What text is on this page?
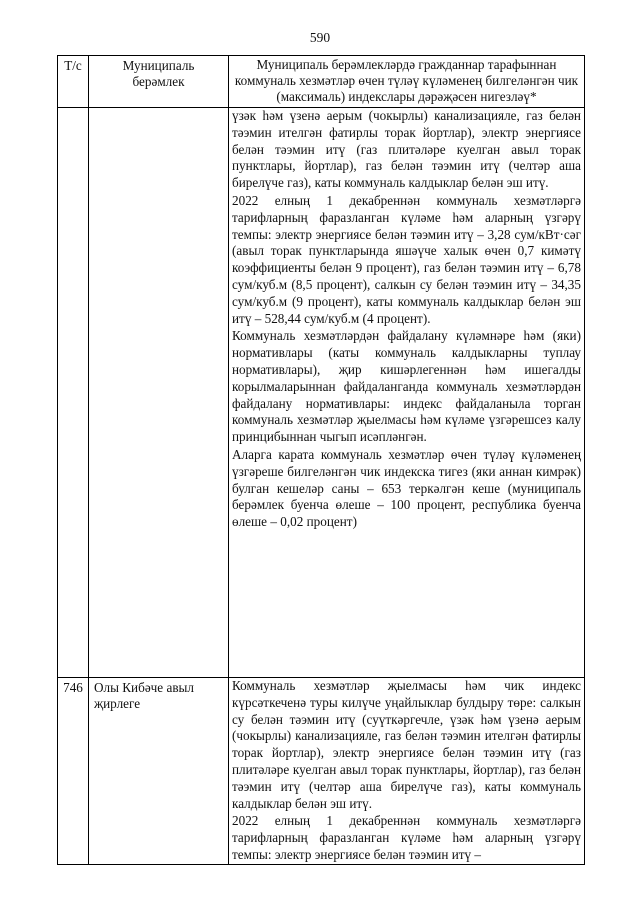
590
Т/с	Муниципаль берәмлек	Муниципаль берәмлекләрдә гражданнар тарафыннан коммуналь хезмәтләр өчен түләү күләменең билгеләнгән чик (максималь) индекслары дәрәҗәсен нигезләү*

		үзәк һәм үзенә аерым (чокырлы) канализацияле, газ белән тәэмин ителгән фатирлы торак йортлар), электр энергиясе белән тәэмин итү (газ плитәләре куелган авыл торак пунктлары, йортлар), газ белән тәэмин итү (челтәр аша бирелүче газ), каты коммуналь калдыклар белән эш итү.

2022 елның 1 декабреннән коммуналь хезмәтләргә тарифларның фаразланган күләме һәм аларның үзгәрү темпы: электр энергиясе белән тәэмин итү – 3,28 сум/кВт·сәг (авыл торак пунктларында яшәүче халык өчен 0,7 кимәтү коэффициенты белән 9 процент), газ белән тәэмин итү – 6,78 сум/куб.м (8,5 процент), салкын су белән тәэмин итү – 34,35 сум/куб.м (9 процент), каты коммуналь калдыклар белән эш итү – 528,44 сум/куб.м (4 процент).

Коммуналь хезмәтләрдән файдалану күләмнәре һәм (яки) нормативлары (каты коммуналь калдыкларны туплау нормативлары), җир кишәрлегеннән һәм ишегалды корылмаларыннан файдаланганда коммуналь хезмәтләрдән файдалану нормативлары: индекс файдаланыла торган коммуналь хезмәтләр җыелмасы һәм күләме үзгәрешсез калу принцибыннан чыгып исәпләнгән.

Аларга карата коммуналь хезмәтләр өчен түләү күләменең үзгәреше билгеләнгән чик индекска тигез (яки аннан кимрәк) булган кешеләр саны – 653 теркәлгән кеше (муниципаль берәмлек буенча өлеше – 100 процент, республика буенча өлеше – 0,02 процент)

746	Олы Кибәче авыл җирлеге	Коммуналь хезмәтләр җыелмасы һәм чик индекс күрсәткеченә туры килүче уңайлыклар булдыру төре: салкын су белән тәэмин итү (суүткәргечле, үзәк һәм үзенә аерым (чокырлы) канализацияле, газ белән тәэмин ителгән фатирлы торак йортлар), электр энергиясе белән тәэмин итү (газ плитәләре куелган авыл торак пунктлары, йортлар), газ белән тәэмин итү (челтәр аша бирелүче газ), каты коммуналь калдыклар белән эш итү.

2022 елның 1 декабреннән коммуналь хезмәтләргә тарифларның фаразланган күләме һәм аларның үзгәрү темпы: электр энергиясе белән тәэмин итү –
